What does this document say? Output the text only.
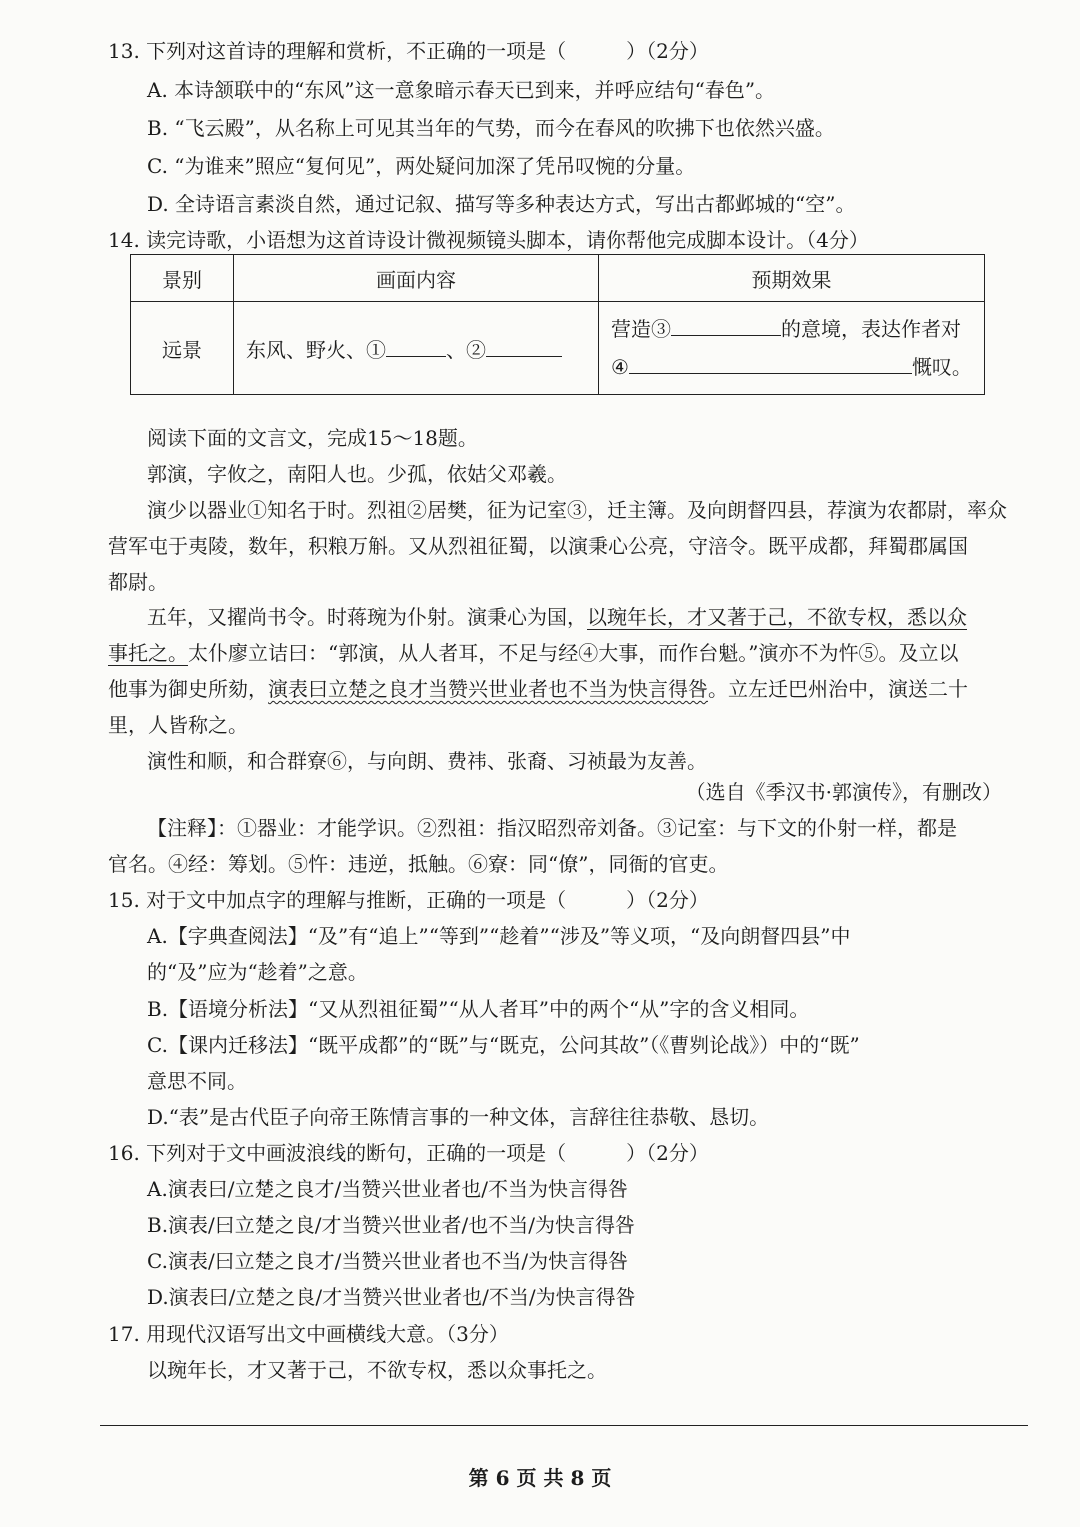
13. 下列对这首诗的理解和赏析，不正确的一项是（　　　）（2分）
A. 本诗颔联中的“东风”这一意象暗示春天已到来，并呼应结句“春色”。
B. “飞云殿”，从名称上可见其当年的气势，而今在春风的吹拂下也依然兴盛。
C. “为谁来”照应“复何见”，两处疑问加深了凭吊叹惋的分量。
D. 全诗语言素淡自然，通过记叙、描写等多种表达方式，写出古都邺城的“空”。
14. 读完诗歌，小语想为这首诗设计微视频镜头脚本，请你帮他完成脚本设计。（4分）
景别	画面内容	预期效果
远景	东风、野火、① 、②	营造③ 的意境，表达作者对
④ 慨叹。
阅读下面的文言文，完成15～18题。
郭演，字攸之，南阳人也。少孤，依姑父邓羲。
演少以器业①知名于时。烈祖②居樊，征为记室③，迁主簿。及向朗督四县，荐演为农都尉，率众
营军屯于夷陵，数年，积粮万斛。又从烈祖征蜀，以演秉心公亮，守涪令。既平成都，拜蜀郡属国
都尉。
五年，又擢尚书令。时蒋琬为仆射。演秉心为国，以琬年长，才又著于己，不欲专权，悉以众
事托之。太仆廖立诘曰：“郭演，从人者耳，不足与经④大事，而作台魁。”演亦不为忤⑤。及立以
他事为御史所劾，演表曰立楚之良才当赞兴世业者也不当为快言得咎。立左迁巴州治中，演送二十
里，人皆称之。
演性和顺，和合群寮⑥，与向朗、费祎、张裔、习祯最为友善。
（选自《季汉书·郭演传》，有删改）
【注释】：①器业：才能学识。②烈祖：指汉昭烈帝刘备。③记室：与下文的仆射一样，都是
官名。④经：筹划。⑤忤：违逆，抵触。⑥寮：同“僚”，同衙的官吏。
15. 对于文中加点字的理解与推断，正确的一项是（　　　）（2分）
A.【字典查阅法】“及”有“追上”“等到”“趁着”“涉及”等义项，“及向朗督四县”中
的“及”应为“趁着”之意。
B.【语境分析法】“又从烈祖征蜀”“从人者耳”中的两个“从”字的含义相同。
C.【课内迁移法】“既平成都”的“既”与“既克，公问其故”（《曹刿论战》）中的“既”
意思不同。
D.“表”是古代臣子向帝王陈情言事的一种文体，言辞往往恭敬、恳切。
16. 下列对于文中画波浪线的断句，正确的一项是（　　　）（2分）
A.演表曰/立楚之良才/当赞兴世业者也/不当为快言得咎
B.演表/曰立楚之良/才当赞兴世业者/也不当/为快言得咎
C.演表/曰立楚之良才/当赞兴世业者也不当/为快言得咎
D.演表曰/立楚之良/才当赞兴世业者也/不当/为快言得咎
17. 用现代汉语写出文中画横线大意。（3分）
以琬年长，才又著于己，不欲专权，悉以众事托之。
第 6 页 共 8 页
